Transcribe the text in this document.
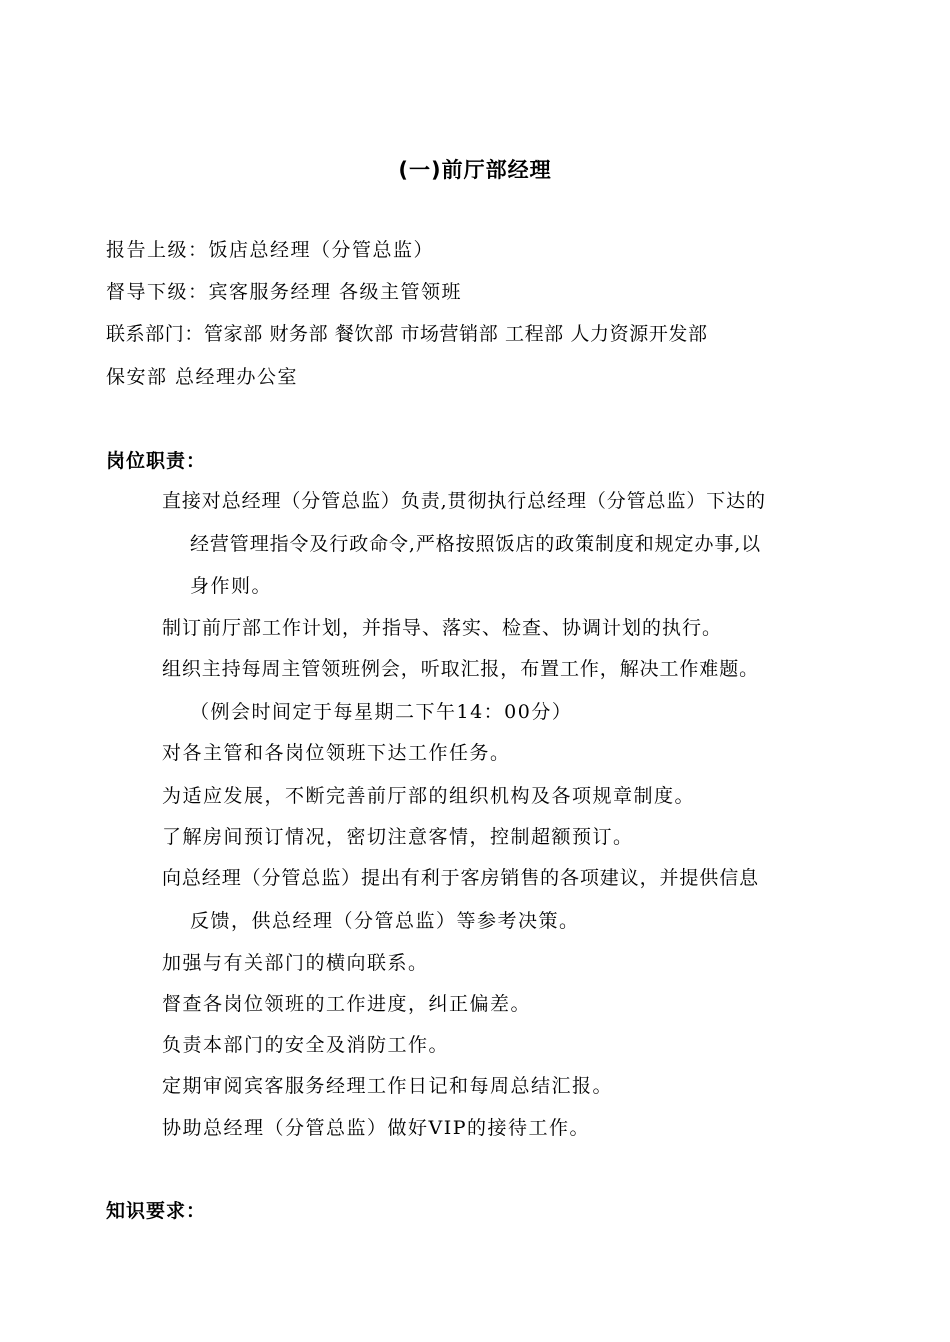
(一)前厅部经理
报告上级：饭店总经理（分管总监）
督导下级：宾客服务经理 各级主管领班
联系部门：管家部 财务部 餐饮部 市场营销部 工程部 人力资源开发部
保安部 总经理办公室
岗位职责：
直接对总经理（分管总监）负责,贯彻执行总经理（分管总监）下达的
经营管理指令及行政命令,严格按照饭店的政策制度和规定办事,以
身作则。
制订前厅部工作计划，并指导、落实、检查、协调计划的执行。
组织主持每周主管领班例会，听取汇报，布置工作，解决工作难题。
（例会时间定于每星期二下午14：00分）
对各主管和各岗位领班下达工作任务。
为适应发展，不断完善前厅部的组织机构及各项规章制度。
了解房间预订情况，密切注意客情，控制超额预订。
向总经理（分管总监）提出有利于客房销售的各项建议，并提供信息
反馈，供总经理（分管总监）等参考决策。
加强与有关部门的横向联系。
督查各岗位领班的工作进度，纠正偏差。
负责本部门的安全及消防工作。
定期审阅宾客服务经理工作日记和每周总结汇报。
协助总经理（分管总监）做好VIP的接待工作。
知识要求：
